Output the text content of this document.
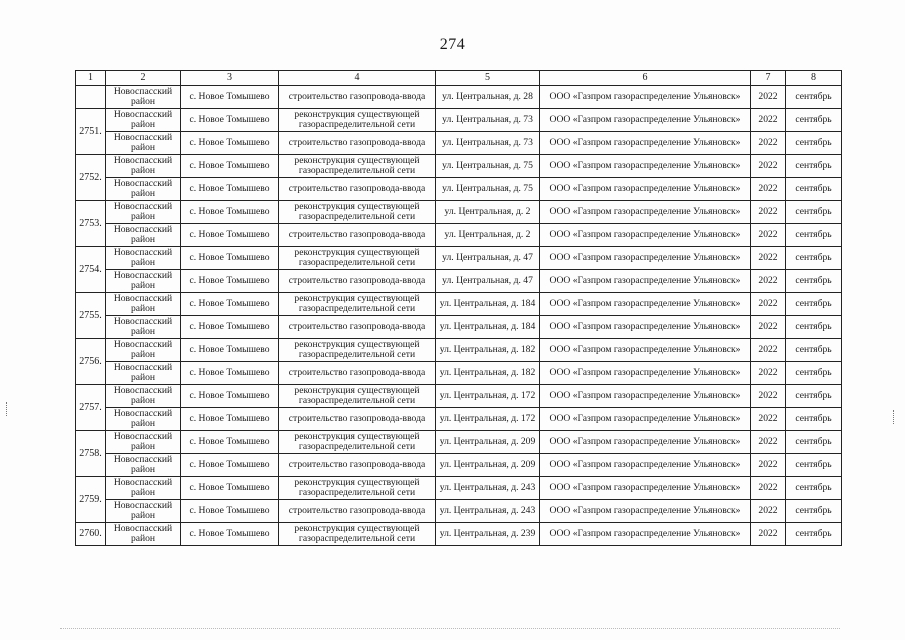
274
1	2	3	4	5	6	7	8
	Новоспасский район	с. Новое Томышево	строительство газопровода-ввода	ул. Центральная, д. 28	ООО «Газпром газораспределение Ульяновск»	2022	сентябрь
2751.	Новоспасский район	с. Новое Томышево	реконструкция существующей газораспределительной сети	ул. Центральная, д. 73	ООО «Газпром газораспределение Ульяновск»	2022	сентябрь
	Новоспасский район	с. Новое Томышево	строительство газопровода-ввода	ул. Центральная, д. 73	ООО «Газпром газораспределение Ульяновск»	2022	сентябрь
2752.	Новоспасский район	с. Новое Томышево	реконструкция существующей газораспределительной сети	ул. Центральная, д. 75	ООО «Газпром газораспределение Ульяновск»	2022	сентябрь
	Новоспасский район	с. Новое Томышево	строительство газопровода-ввода	ул. Центральная, д. 75	ООО «Газпром газораспределение Ульяновск»	2022	сентябрь
2753.	Новоспасский район	с. Новое Томышево	реконструкция существующей газораспределительной сети	ул. Центральная, д. 2	ООО «Газпром газораспределение Ульяновск»	2022	сентябрь
	Новоспасский район	с. Новое Томышево	строительство газопровода-ввода	ул. Центральная, д. 2	ООО «Газпром газораспределение Ульяновск»	2022	сентябрь
2754.	Новоспасский район	с. Новое Томышево	реконструкция существующей газораспределительной сети	ул. Центральная, д. 47	ООО «Газпром газораспределение Ульяновск»	2022	сентябрь
	Новоспасский район	с. Новое Томышево	строительство газопровода-ввода	ул. Центральная, д. 47	ООО «Газпром газораспределение Ульяновск»	2022	сентябрь
2755.	Новоспасский район	с. Новое Томышево	реконструкция существующей газораспределительной сети	ул. Центральная, д. 184	ООО «Газпром газораспределение Ульяновск»	2022	сентябрь
	Новоспасский район	с. Новое Томышево	строительство газопровода-ввода	ул. Центральная, д. 184	ООО «Газпром газораспределение Ульяновск»	2022	сентябрь
2756.	Новоспасский район	с. Новое Томышево	реконструкция существующей газораспределительной сети	ул. Центральная, д. 182	ООО «Газпром газораспределение Ульяновск»	2022	сентябрь
	Новоспасский район	с. Новое Томышево	строительство газопровода-ввода	ул. Центральная, д. 182	ООО «Газпром газораспределение Ульяновск»	2022	сентябрь
2757.	Новоспасский район	с. Новое Томышево	реконструкция существующей газораспределительной сети	ул. Центральная, д. 172	ООО «Газпром газораспределение Ульяновск»	2022	сентябрь
	Новоспасский район	с. Новое Томышево	строительство газопровода-ввода	ул. Центральная, д. 172	ООО «Газпром газораспределение Ульяновск»	2022	сентябрь
2758.	Новоспасский район	с. Новое Томышево	реконструкция существующей газораспределительной сети	ул. Центральная, д. 209	ООО «Газпром газораспределение Ульяновск»	2022	сентябрь
	Новоспасский район	с. Новое Томышево	строительство газопровода-ввода	ул. Центральная, д. 209	ООО «Газпром газораспределение Ульяновск»	2022	сентябрь
2759.	Новоспасский район	с. Новое Томышево	реконструкция существующей газораспределительной сети	ул. Центральная, д. 243	ООО «Газпром газораспределение Ульяновск»	2022	сентябрь
	Новоспасский район	с. Новое Томышево	строительство газопровода-ввода	ул. Центральная, д. 243	ООО «Газпром газораспределение Ульяновск»	2022	сентябрь
2760.	Новоспасский район	с. Новое Томышево	реконструкция существующей газораспределительной сети	ул. Центральная, д. 239	ООО «Газпром газораспределение Ульяновск»	2022	сентябрь
